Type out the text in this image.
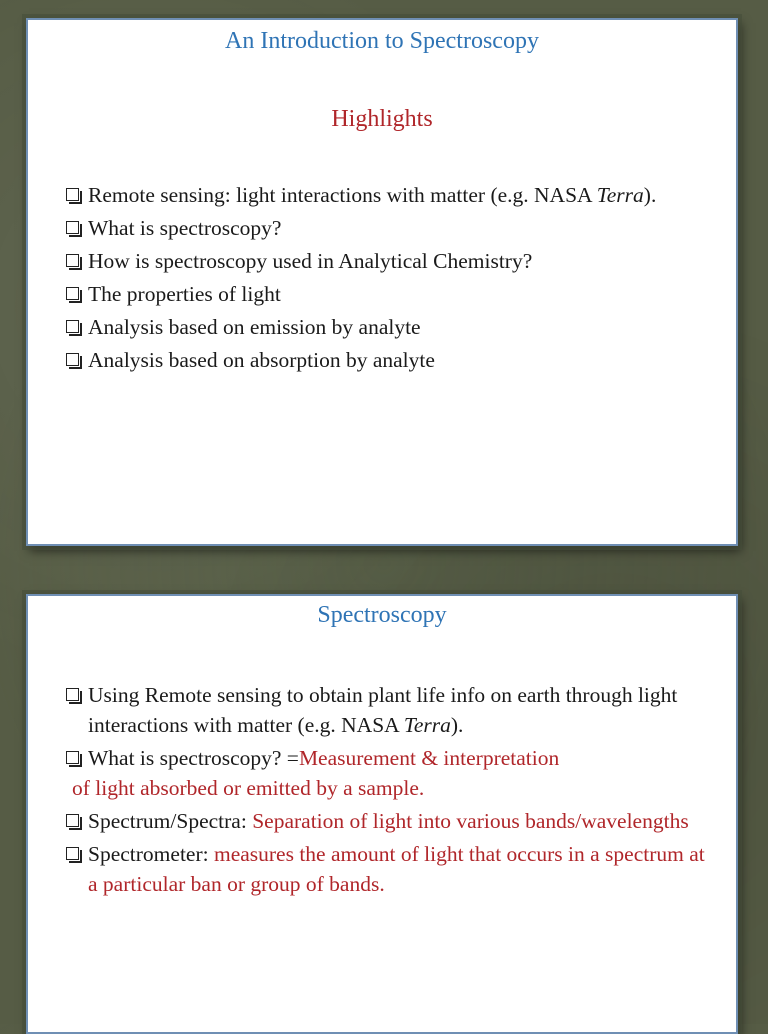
An Introduction to Spectroscopy
Highlights
Remote sensing: light interactions with matter (e.g. NASA Terra).
What is spectroscopy?
How is spectroscopy used in Analytical Chemistry?
The properties of light
Analysis based on emission by analyte
Analysis based on absorption by analyte
Spectroscopy
Using Remote sensing to obtain plant life info on earth through light interactions with matter (e.g. NASA Terra).
What is spectroscopy? =Measurement & interpretation
of light absorbed or emitted by a sample.
Spectrum/Spectra: Separation of light into various bands/wavelengths
Spectrometer: measures the amount of light that occurs in a spectrum at a particular ban or group of bands.
